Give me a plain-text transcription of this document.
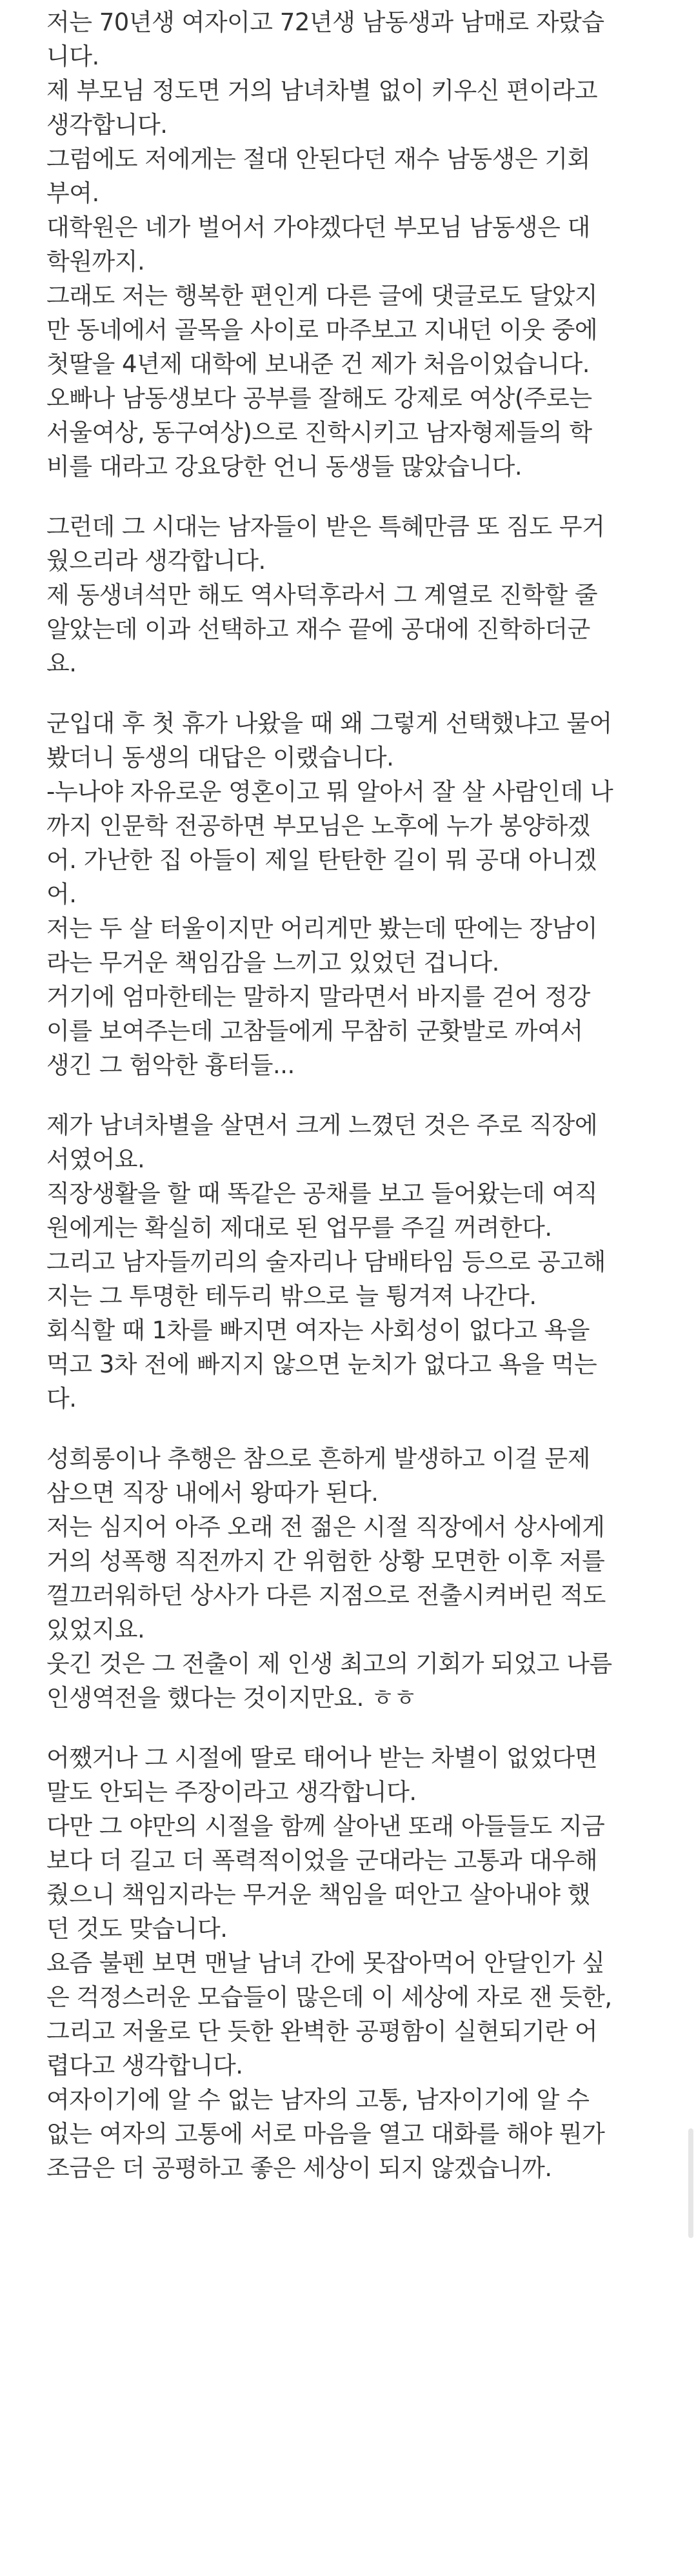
저는 70년생 여자이고 72년생 남동생과 남매로 자랐습
니다.
제 부모님 정도면 거의 남녀차별 없이 키우신 편이라고
생각합니다.
그럼에도 저에게는 절대 안된다던 재수 남동생은 기회
부여.
대학원은 네가 벌어서 가야겠다던 부모님 남동생은 대
학원까지.
그래도 저는 행복한 편인게 다른 글에 댓글로도 달았지
만 동네에서 골목을 사이로 마주보고 지내던 이웃 중에
첫딸을 4년제 대학에 보내준 건 제가 처음이었습니다.
오빠나 남동생보다 공부를 잘해도 강제로 여상(주로는
서울여상, 동구여상)으로 진학시키고 남자형제들의 학
비를 대라고 강요당한 언니 동생들 많았습니다.
그런데 그 시대는 남자들이 받은 특혜만큼 또 짐도 무거
웠으리라 생각합니다.
제 동생녀석만 해도 역사덕후라서 그 계열로 진학할 줄
알았는데 이과 선택하고 재수 끝에 공대에 진학하더군
요.
군입대 후 첫 휴가 나왔을 때 왜 그렇게 선택했냐고 물어
봤더니 동생의 대답은 이랬습니다.
-누나야 자유로운 영혼이고 뭐 알아서 잘 살 사람인데 나
까지 인문학 전공하면 부모님은 노후에 누가 봉양하겠
어. 가난한 집 아들이 제일 탄탄한 길이 뭐 공대 아니겠
어.
저는 두 살 터울이지만 어리게만 봤는데 딴에는 장남이
라는 무거운 책임감을 느끼고 있었던 겁니다.
거기에 엄마한테는 말하지 말라면서 바지를 걷어 정강
이를 보여주는데 고참들에게 무참히 군홧발로 까여서
생긴 그 험악한 흉터들...
제가 남녀차별을 살면서 크게 느꼈던 것은 주로 직장에
서였어요.
직장생활을 할 때 똑같은 공채를 보고 들어왔는데 여직
원에게는 확실히 제대로 된 업무를 주길 꺼려한다.
그리고 남자들끼리의 술자리나 담배타임 등으로 공고해
지는 그 투명한 테두리 밖으로 늘 튕겨져 나간다.
회식할 때 1차를 빠지면 여자는 사회성이 없다고 욕을
먹고 3차 전에 빠지지 않으면 눈치가 없다고 욕을 먹는
다.
성희롱이나 추행은 참으로 흔하게 발생하고 이걸 문제
삼으면 직장 내에서 왕따가 된다.
저는 심지어 아주 오래 전 젊은 시절 직장에서 상사에게
거의 성폭행 직전까지 간 위험한 상황 모면한 이후 저를
껄끄러워하던 상사가 다른 지점으로 전출시켜버린 적도
있었지요.
웃긴 것은 그 전출이 제 인생 최고의 기회가 되었고 나름
인생역전을 했다는 것이지만요. ㅎㅎ
어쨌거나 그 시절에 딸로 태어나 받는 차별이 없었다면
말도 안되는 주장이라고 생각합니다.
다만 그 야만의 시절을 함께 살아낸 또래 아들들도 지금
보다 더 길고 더 폭력적이었을 군대라는 고통과 대우해
줬으니 책임지라는 무거운 책임을 떠안고 살아내야 했
던 것도 맞습니다.
요즘 불펜 보면 맨날 남녀 간에 못잡아먹어 안달인가 싶
은 걱정스러운 모습들이 많은데 이 세상에 자로 잰 듯한,
그리고 저울로 단 듯한 완벽한 공평함이 실현되기란 어
렵다고 생각합니다.
여자이기에 알 수 없는 남자의 고통, 남자이기에 알 수
없는 여자의 고통에 서로 마음을 열고 대화를 해야 뭔가
조금은 더 공평하고 좋은 세상이 되지 않겠습니까.
